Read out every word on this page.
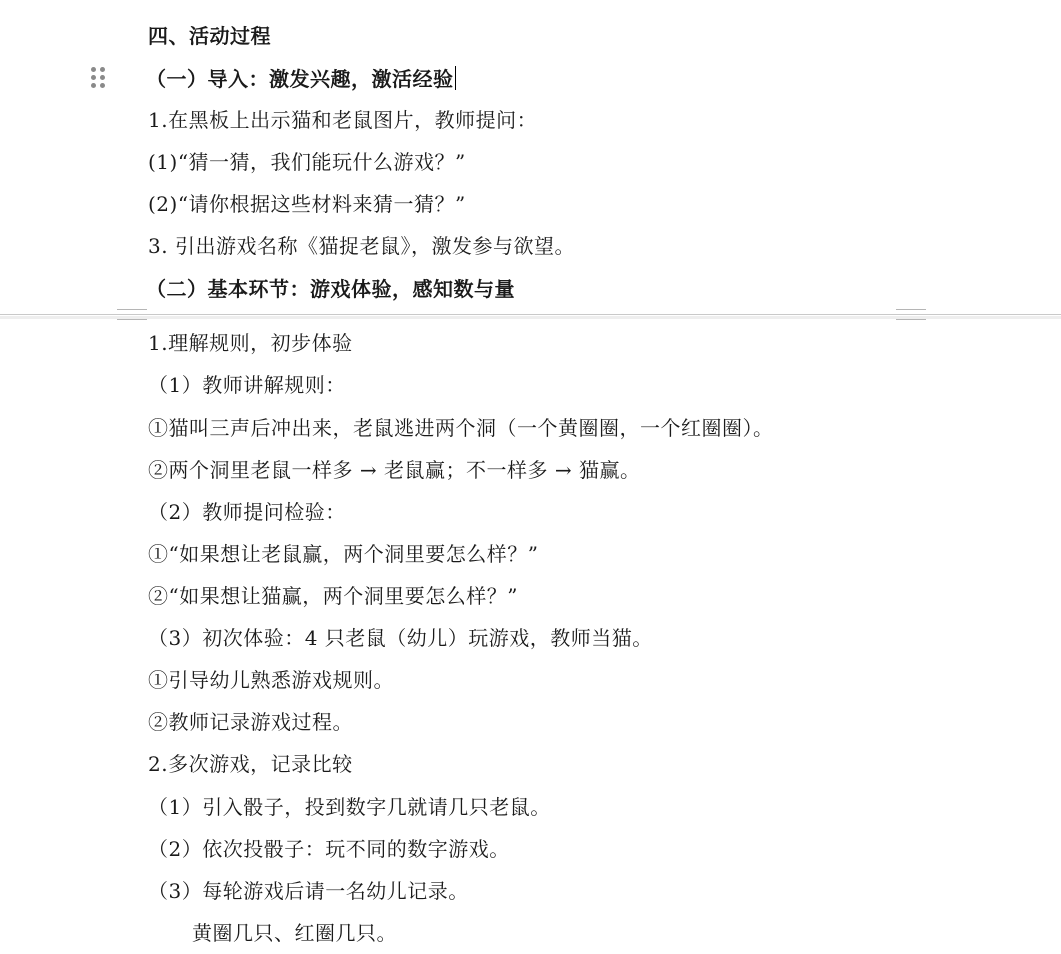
四、活动过程
（一）导入：激发兴趣，激活经验
1.在黑板上出示猫和老鼠图片，教师提问：
(1)“猜一猜，我们能玩什么游戏？”
(2)“请你根据这些材料来猜一猜？”
3. 引出游戏名称《猫捉老鼠》，激发参与欲望。
（二）基本环节：游戏体验，感知数与量
1.理解规则，初步体验
（1）教师讲解规则：
①猫叫三声后冲出来，老鼠逃进两个洞（一个黄圈圈，一个红圈圈）。
②两个洞里老鼠一样多 → 老鼠赢；不一样多 → 猫赢。
（2）教师提问检验：
①“如果想让老鼠赢，两个洞里要怎么样？”
②“如果想让猫赢，两个洞里要怎么样？”
（3）初次体验：4 只老鼠（幼儿）玩游戏，教师当猫。
①引导幼儿熟悉游戏规则。
②教师记录游戏过程。
2.多次游戏，记录比较
（1）引入骰子，投到数字几就请几只老鼠。
（2）依次投骰子：玩不同的数字游戏。
（3）每轮游戏后请一名幼儿记录。
黄圈几只、红圈几只。
